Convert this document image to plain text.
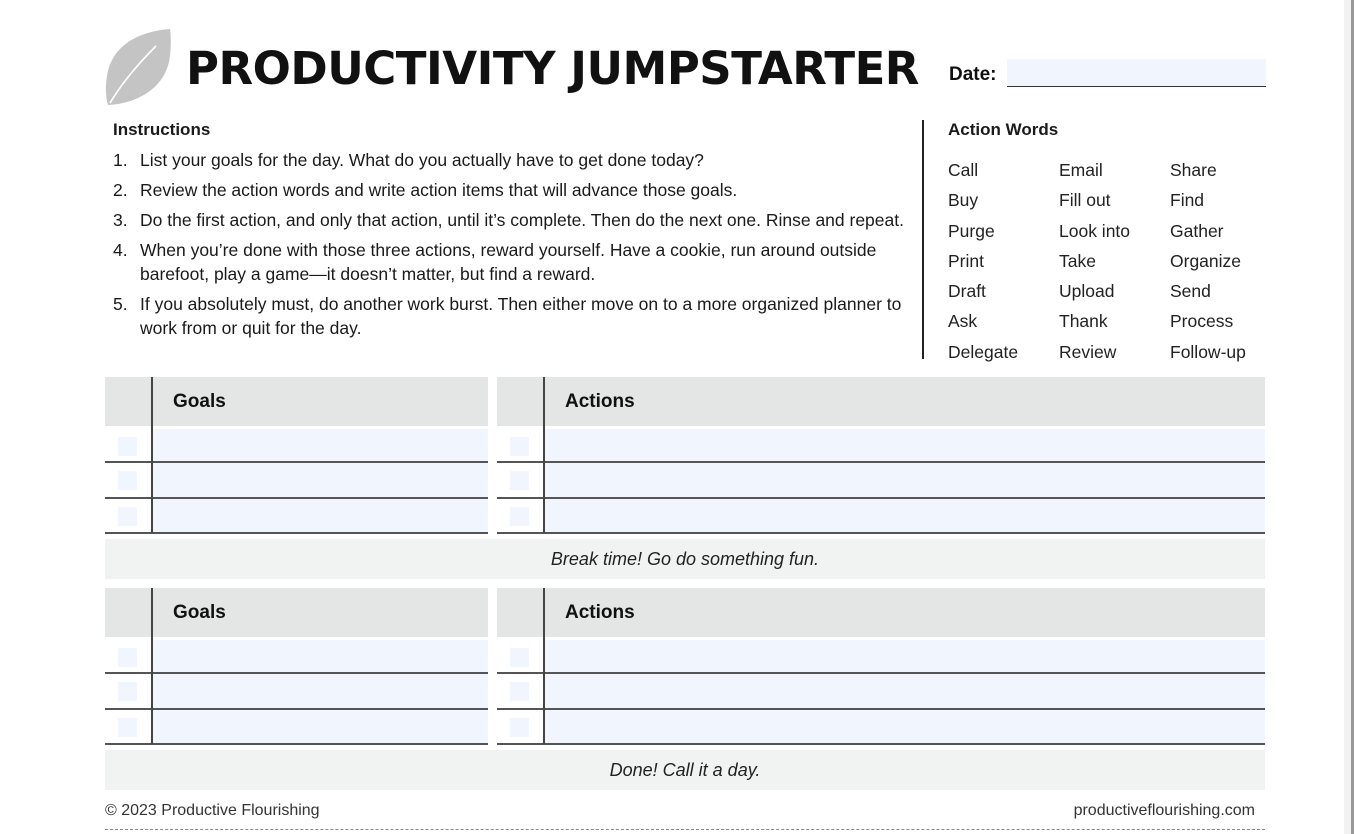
PRODUCTIVITY JUMPSTARTER Date:
Instructions
1. List your goals for the day. What do you actually have to get done today?
2. Review the action words and write action items that will advance those goals.
3. Do the first action, and only that action, until it’s complete. Then do the next one. Rinse and repeat.
4. When you’re done with those three actions, reward yourself. Have a cookie, run around outside barefoot, play a game—it doesn’t matter, but find a reward.
5. If you absolutely must, do another work burst. Then either move on to a more organized planner to work from or quit for the day.
Action Words
Call	Email	Share
Buy	Fill out	Find
Purge	Look into	Gather
Print	Take	Organize
Draft	Upload	Send
Ask	Thank	Process
Delegate	Review	Follow-up
Goals	Actions
Break time! Go do something fun.
Goals	Actions
Done! Call it a day.
© 2023 Productive Flourishing	productiveflourishing.com
